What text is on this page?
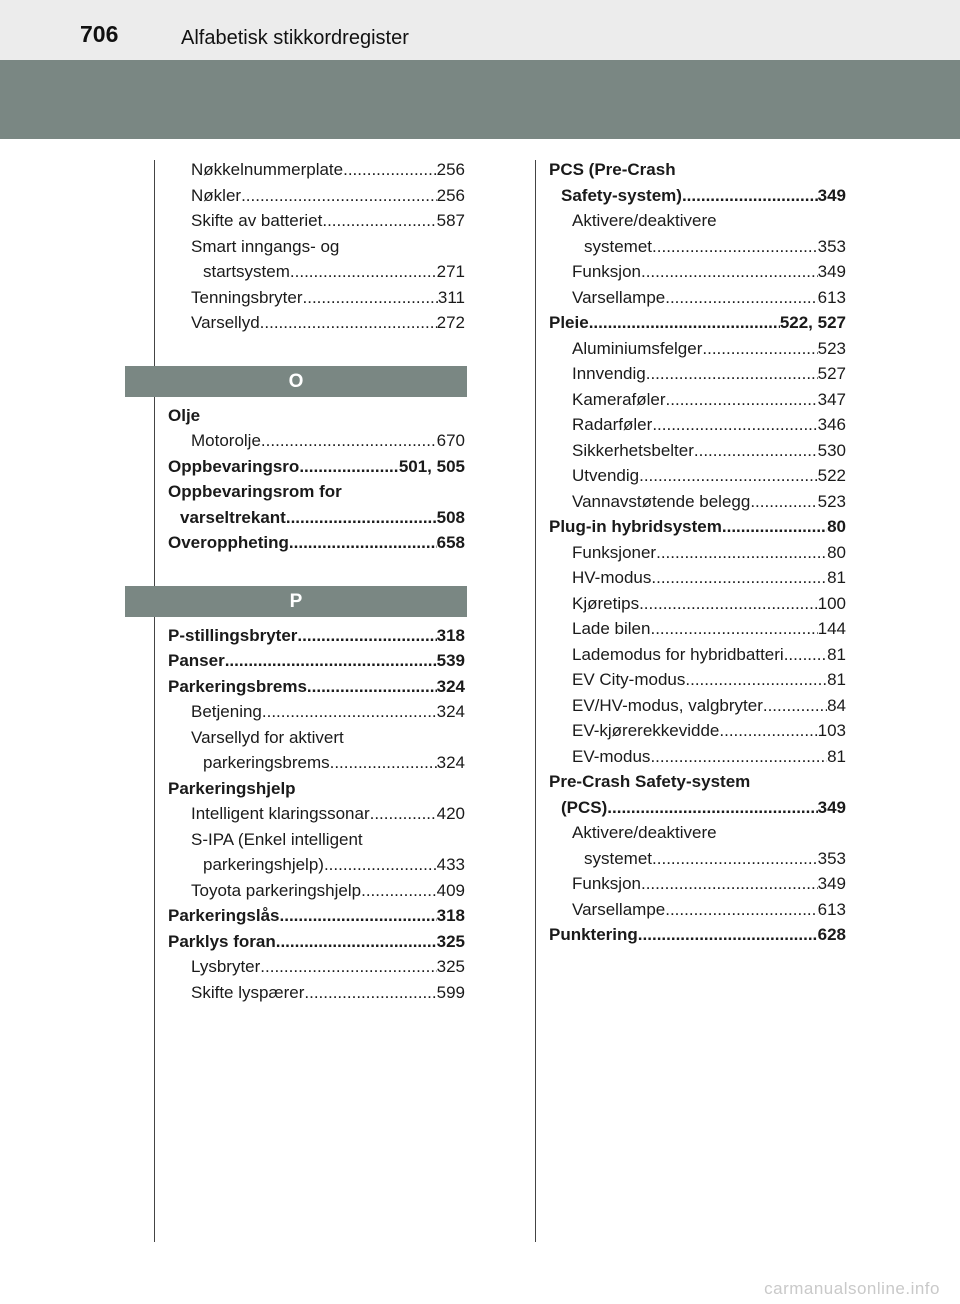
706	Alfabetisk stikkordregister
Nøkkelnummerplate .....	256
Nøkler .....	256
Skifte av batteriet .....	587
Smart inngangs- og
startsystem .....	271
Tenningsbryter .....	311
Varsellyd .....	272
O
Olje
Motorolje .....	670
Oppbevaringsro .....	501, 505
Oppbevaringsrom for
varseltrekant .....	508
Overoppheting .....	658
P
P-stillingsbryter .....	318
Panser .....	539
Parkeringsbrems .....	324
Betjening .....	324
Varsellyd for aktivert
parkeringsbrems .....	324
Parkeringshjelp
Intelligent klaringssonar .....	420
S-IPA (Enkel intelligent
parkeringshjelp) .....	433
Toyota parkeringshjelp .....	409
Parkeringslås .....	318
Parklys foran .....	325
Lysbryter .....	325
Skifte lyspærer .....	599
PCS (Pre-Crash
Safety-system) .....	349
Aktivere/deaktivere
systemet .....	353
Funksjon .....	349
Varsellampe .....	613
Pleie .....	522, 527
Aluminiumsfelger .....	523
Innvendig .....	527
Kameraføler .....	347
Radarføler .....	346
Sikkerhetsbelter .....	530
Utvendig .....	522
Vannavstøtende belegg .....	523
Plug-in hybridsystem .....	80
Funksjoner .....	80
HV-modus .....	81
Kjøretips .....	100
Lade bilen .....	144
Lademodus for hybridbatteri .....	81
EV City-modus .....	81
EV/HV-modus, valgbryter .....	84
EV-kjørerekkevidde .....	103
EV-modus .....	81
Pre-Crash Safety-system
(PCS) .....	349
Aktivere/deaktivere
systemet .....	353
Funksjon .....	349
Varsellampe .....	613
Punktering .....	628
carmanualsonline.info
